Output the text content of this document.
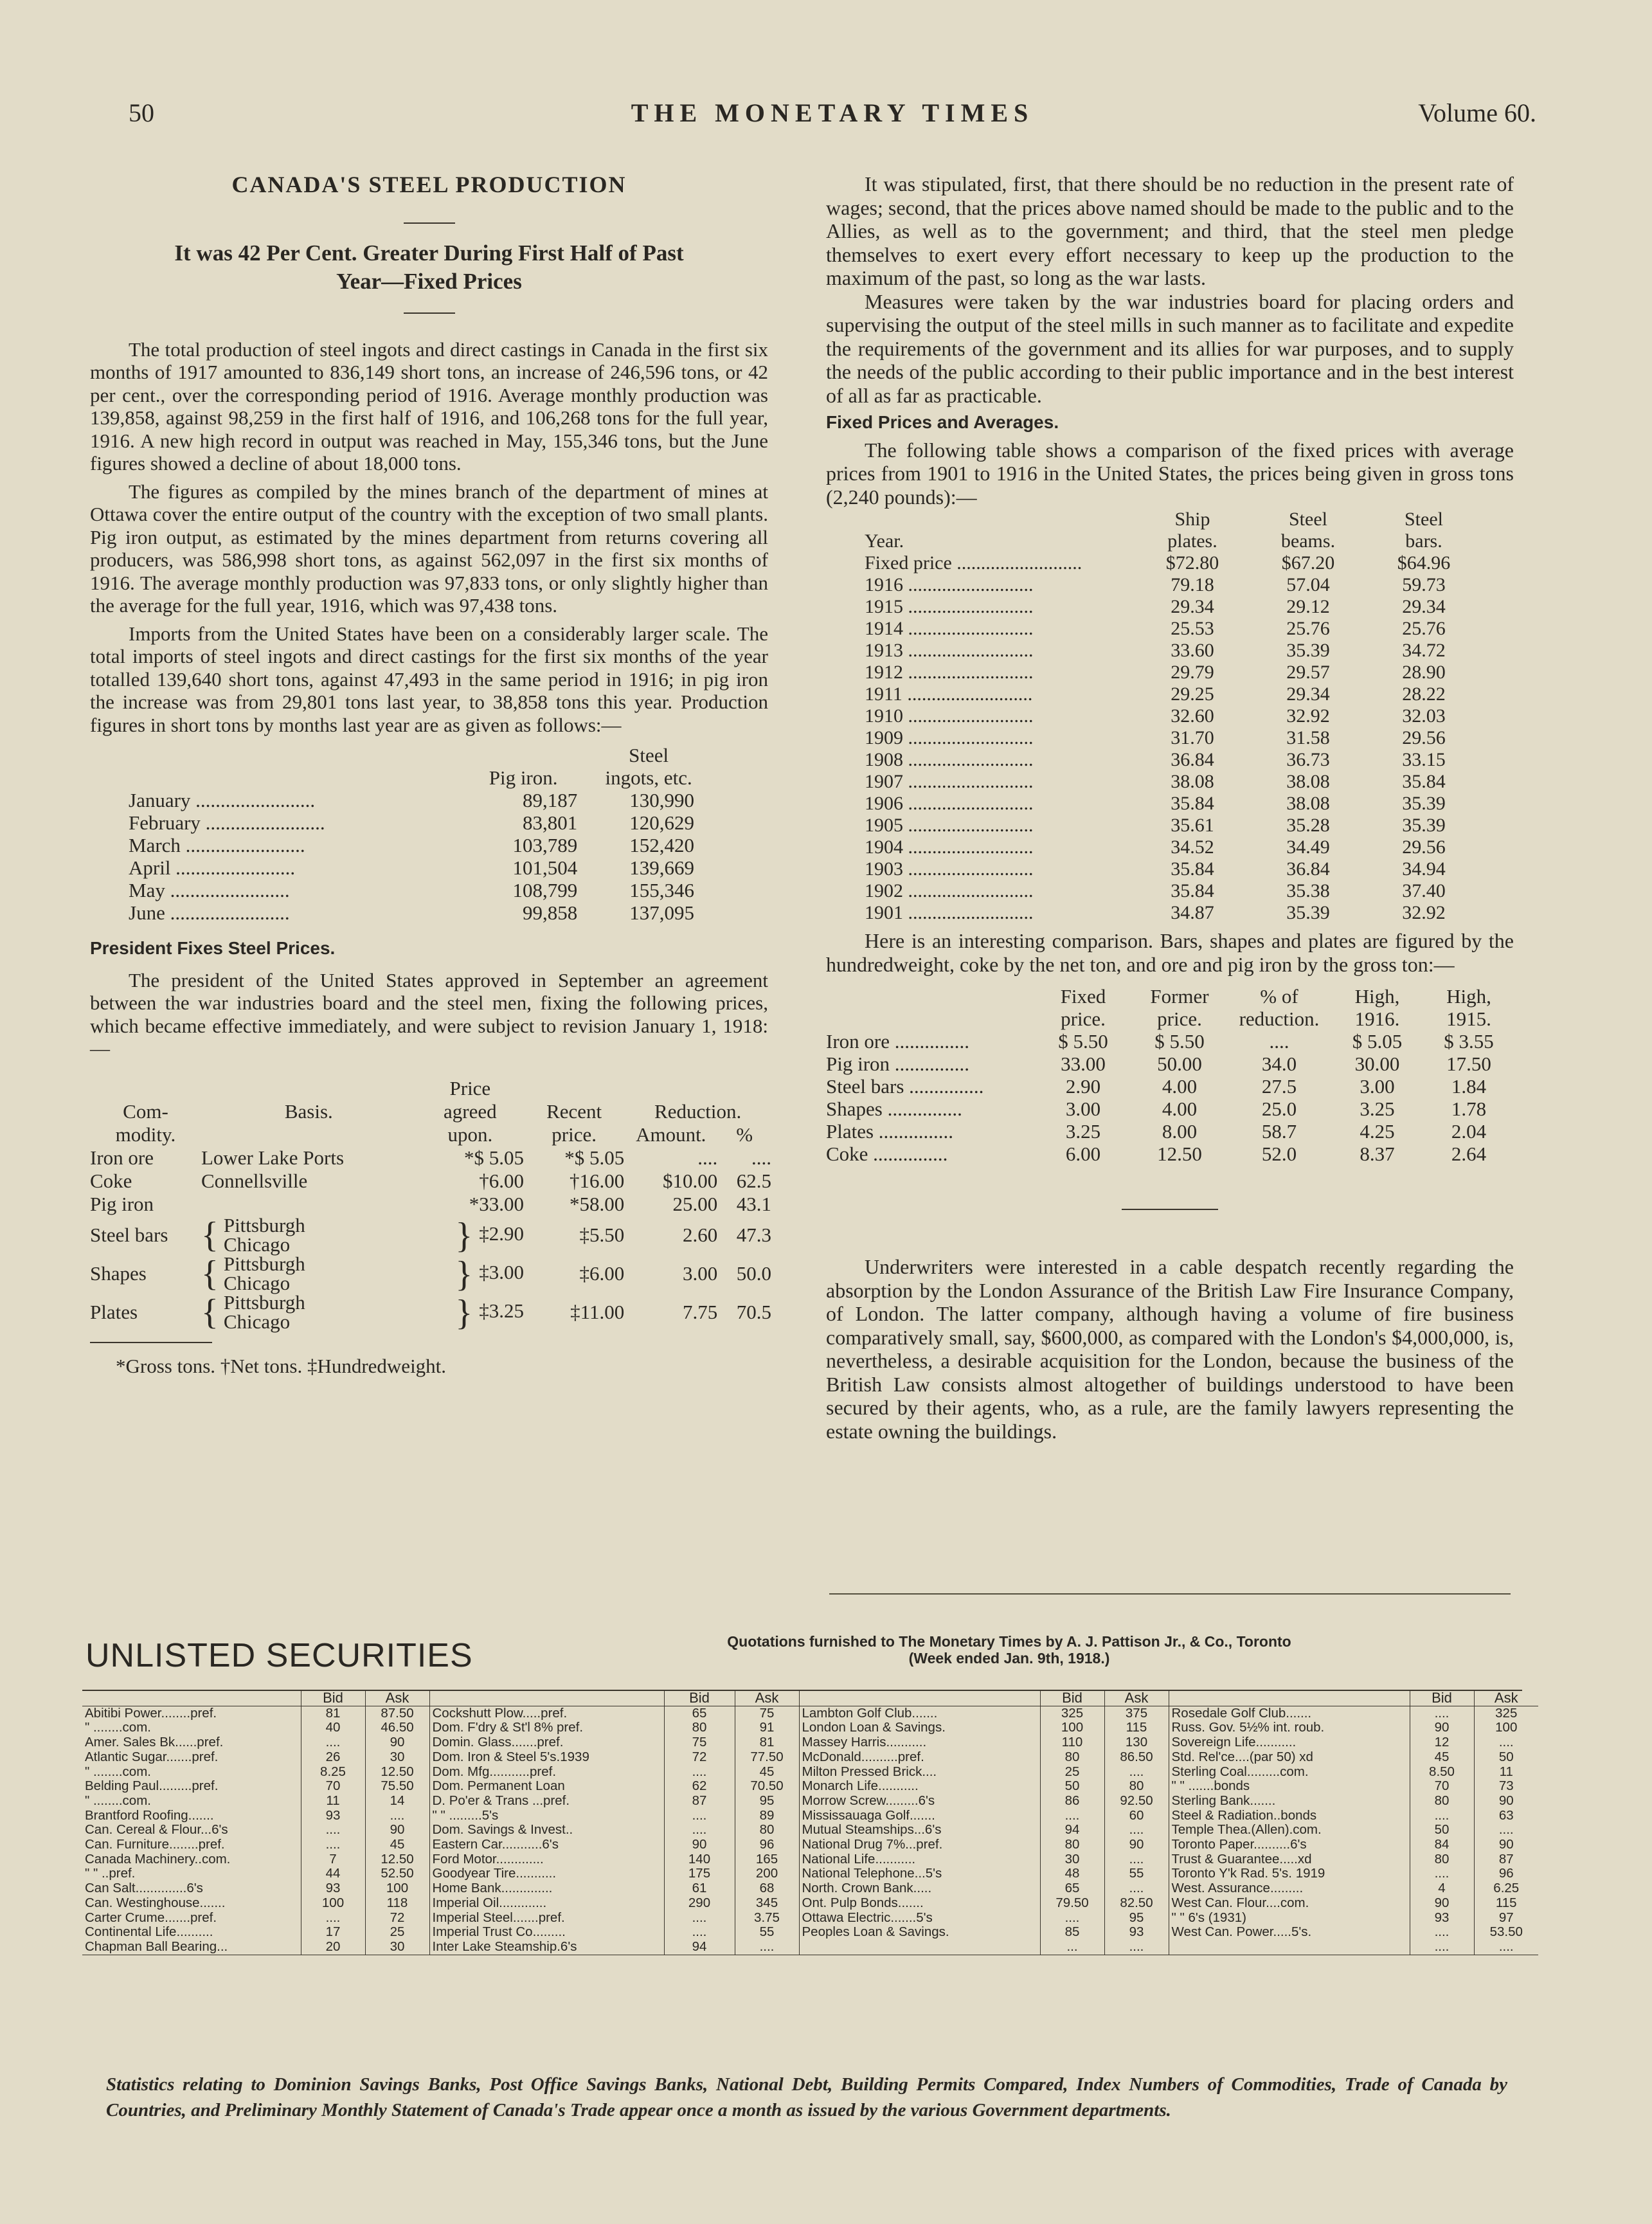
50	THE MONETARY TIMES	Volume 60.
CANADA'S STEEL PRODUCTION
It was 42 Per Cent. Greater During First Half of Past
Year—Fixed Prices

The total production of steel ingots and direct castings in Canada in the first six months of 1917 amounted to 836,149 short tons, an increase of 246,596 tons, or 42 per cent., over the corresponding period of 1916. Average monthly production was 139,858, against 98,259 in the first half of 1916, and 106,268 tons for the full year, 1916. A new high record in output was reached in May, 155,346 tons, but the June figures showed a decline of about 18,000 tons.

The figures as compiled by the mines branch of the department of mines at Ottawa cover the entire output of the country with the exception of two small plants. Pig iron output, as estimated by the mines department from returns covering all producers, was 586,998 short tons, as against 562,097 in the first six months of 1916. The average monthly production was 97,833 tons, or only slightly higher than the average for the full year, 1916, which was 97,438 tons.

Imports from the United States have been on a considerably larger scale. The total imports of steel ingots and direct castings for the first six months of the year totalled 139,640 short tons, against 47,493 in the same period in 1916; in pig iron the increase was from 29,801 tons last year, to 38,858 tons this year. Production figures in short tons by months last year are as given as follows:—

		Steel
	Pig iron.	ingots, etc.
January ........................	89,187	130,990
February ........................	83,801	120,629
March ........................	103,789	152,420
April ........................	101,504	139,669
May ........................	108,799	155,346
June ........................	99,858	137,095
President Fixes Steel Prices.

The president of the United States approved in September an agreement between the war industries board and the steel men, fixing the following prices, which became effective immediately, and were subject to revision January 1, 1918:—

		Price			
Com-	Basis.	agreed	Recent	Reduction.	
modity.		upon.	price.	Amount.	%
Iron ore	Lower Lake Ports	*$ 5.05	*$ 5.05	....	....
Coke	Connellsville	†6.00	†16.00	$10.00	62.5
Pig iron		*33.00	*58.00	25.00	43.1
Steel bars	{ Pittsburgh
Chicago	} ‡2.90	‡5.50	2.60	47.3
Shapes	{ Pittsburgh
Chicago	} ‡3.00	‡6.00	3.00	50.0
Plates	{ Pittsburgh
Chicago	} ‡3.25	‡11.00	7.75	70.5
*Gross tons. †Net tons. ‡Hundredweight.

It was stipulated, first, that there should be no reduction in the present rate of wages; second, that the prices above named should be made to the public and to the Allies, as well as to the government; and third, that the steel men pledge themselves to exert every effort necessary to keep up the production to the maximum of the past, so long as the war lasts.

Measures were taken by the war industries board for placing orders and supervising the output of the steel mills in such manner as to facilitate and expedite the requirements of the government and its allies for war purposes, and to supply the needs of the public according to their public importance and in the best interest of all as far as practicable.

Fixed Prices and Averages.

The following table shows a comparison of the fixed prices with average prices from 1901 to 1916 in the United States, the prices being given in gross tons (2,240 pounds):—

	Ship	Steel	Steel
Year.	plates.	beams.	bars.
Fixed price ..........................	$72.80	$67.20	$64.96
1916 ..........................	79.18	57.04	59.73
1915 ..........................	29.34	29.12	29.34
1914 ..........................	25.53	25.76	25.76
1913 ..........................	33.60	35.39	34.72
1912 ..........................	29.79	29.57	28.90
1911 ..........................	29.25	29.34	28.22
1910 ..........................	32.60	32.92	32.03
1909 ..........................	31.70	31.58	29.56
1908 ..........................	36.84	36.73	33.15
1907 ..........................	38.08	38.08	35.84
1906 ..........................	35.84	38.08	35.39
1905 ..........................	35.61	35.28	35.39
1904 ..........................	34.52	34.49	29.56
1903 ..........................	35.84	36.84	34.94
1902 ..........................	35.84	35.38	37.40
1901 ..........................	34.87	35.39	32.92

Here is an interesting comparison. Bars, shapes and plates are figured by the hundredweight, coke by the net ton, and ore and pig iron by the gross ton:—

	Fixed	Former	% of	High,	High,
	price.	price.	reduction.	1916.	1915.
Iron ore ...............	$ 5.50	$ 5.50	....	$ 5.05	$ 3.55
Pig iron ...............	33.00	50.00	34.0	30.00	17.50
Steel bars ...............	2.90	4.00	27.5	3.00	1.84
Shapes ...............	3.00	4.00	25.0	3.25	1.78
Plates ...............	3.25	8.00	58.7	4.25	2.04
Coke ...............	6.00	12.50	52.0	8.37	2.64

Underwriters were interested in a cable despatch recently regarding the absorption by the London Assurance of the British Law Fire Insurance Company, of London. The latter company, although having a volume of fire business comparatively small, say, $600,000, as compared with the London's $4,000,000, is, nevertheless, a desirable acquisition for the London, because the business of the British Law consists almost altogether of buildings understood to have been secured by their agents, who, as a rule, are the family lawyers representing the estate owning the buildings.

UNLISTED SECURITIES	Quotations furnished to The Monetary Times by A. J. Pattison Jr., & Co., Toronto
(Week ended Jan. 9th, 1918.)
	Bid	Ask		Bid	Ask		Bid	Ask		Bid	Ask
Abitibi Power........pref.	81	87.50	Cockshutt Plow.....pref.	65	75	Lambton Golf Club.......	325	375	Rosedale Golf Club.......	....	325
" ........com.	40	46.50	Dom. F'dry & St'l 8% pref.	80	91	London Loan & Savings.	100	115	Russ. Gov. 5½% int. roub.	90	100
Amer. Sales Bk......pref.	....	90	Domin. Glass.......pref.	75	81	Massey Harris...........	110	130	Sovereign Life...........	12	....
Atlantic Sugar.......pref.	26	30	Dom. Iron & Steel 5's.1939	72	77.50	McDonald..........pref.	80	86.50	Std. Rel'ce....(par 50) xd	45	50
" ........com.	8.25	12.50	Dom. Mfg...........pref.	....	45	Milton Pressed Brick....	25	....	Sterling Coal.........com.	8.50	11
Belding Paul.........pref.	70	75.50	Dom. Permanent Loan	62	70.50	Monarch Life...........	50	80	" " .......bonds	70	73
" ........com.	11	14	D. Po'er & Trans ...pref.	87	95	Morrow Screw.........6's	86	92.50	Sterling Bank.......	80	90
Brantford Roofing.......	93	....	" " .........5's	....	89	Mississauaga Golf.......	....	60	Steel & Radiation..bonds	....	63
Can. Cereal & Flour...6's	....	90	Dom. Savings & Invest..	....	80	Mutual Steamships...6's	94	....	Temple Thea.(Allen).com.	50	....
Can. Furniture........pref.	....	45	Eastern Car...........6's	90	96	National Drug 7%...pref.	80	90	Toronto Paper..........6's	84	90
Canada Machinery..com.	7	12.50	Ford Motor.............	140	165	National Life...........	30	....	Trust & Guarantee.....xd	80	87
" " ..pref.	44	52.50	Goodyear Tire...........	175	200	National Telephone...5's	48	55	Toronto Y'k Rad. 5's. 1919	....	96
Can Salt..............6's	93	100	Home Bank..............	61	68	North. Crown Bank.....	65	....	West. Assurance.........	4	6.25
Can. Westinghouse.......	100	118	Imperial Oil.............	290	345	Ont. Pulp Bonds.......	79.50	82.50	West Can. Flour....com.	90	115
Carter Crume.......pref.	....	72	Imperial Steel.......pref.	....	3.75	Ottawa Electric.......5's	....	95	" " 6's (1931)	93	97
Continental Life..........	17	25	Imperial Trust Co.........	....	55	Peoples Loan & Savings.	85	93	West Can. Power.....5's.	....	53.50
Chapman Ball Bearing...	20	30	Inter Lake Steamship.6's	94	....		...	....		....	....
Statistics relating to Dominion Savings Banks, Post Office Savings Banks, National Debt, Building Permits Compared, Index Numbers of Commodities, Trade of Canada by Countries, and Preliminary Monthly Statement of Canada's Trade appear once a month as issued by the various Government departments.
